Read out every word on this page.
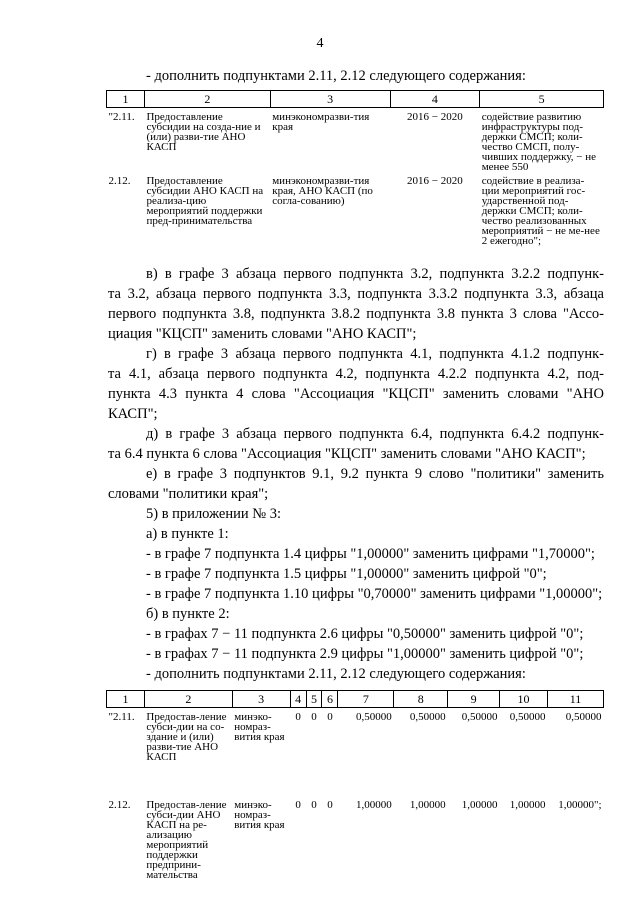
4
- дополнить подпунктами 2.11, 2.12 следующего содержания:
1	2	3	4	5
"2.11.	Предоставление субсидии на созда-ние и (или) разви-тие АНО КАСП	минэкономразви-тия края	2016 − 2020	содействие развитию инфраструктуры под-держки СМСП; коли-чество СМСП, полу-чивших поддержку, − не менее 550
2.12.	Предоставление субсидии АНО КАСП на реализа-цию мероприятий поддержки пред-принимательства	минэкономразви-тия края, АНО КАСП (по согла-сованию)	2016 − 2020	содействие в реализа-ции мероприятий гос-ударственной под-держки СМСП; коли-чество реализованных мероприятий − не ме-нее 2 ежегодно";
в) в графе 3 абзаца первого подпункта 3.2, подпункта 3.2.2 подпунк-
та 3.2, абзаца первого подпункта 3.3, подпункта 3.3.2 подпункта 3.3, абзаца
первого подпункта 3.8, подпункта 3.8.2 подпункта 3.8 пункта 3 слова "Ассо-
циация "КЦСП" заменить словами "АНО КАСП";
г) в графе 3 абзаца первого подпункта 4.1, подпункта 4.1.2 подпунк-
та 4.1, абзаца первого подпункта 4.2, подпункта 4.2.2 подпункта 4.2, под-
пункта 4.3 пункта 4 слова "Ассоциация "КЦСП" заменить словами "АНО
КАСП";
д) в графе 3 абзаца первого подпункта 6.4, подпункта 6.4.2 подпунк-
та 6.4 пункта 6 слова "Ассоциация "КЦСП" заменить словами "АНО КАСП";
е) в графе 3 подпунктов 9.1, 9.2 пункта 9 слово "политики" заменить
словами "политики края";
5) в приложении № 3:
а) в пункте 1:
- в графе 7 подпункта 1.4 цифры "1,00000" заменить цифрами "1,70000";
- в графе 7 подпункта 1.5 цифры "1,00000" заменить цифрой "0";
- в графе 7 подпункта 1.10 цифры "0,70000" заменить цифрами "1,00000";
б) в пункте 2:
- в графах 7 − 11 подпункта 2.6 цифры "0,50000" заменить цифрой "0";
- в графах 7 − 11 подпункта 2.9 цифры "1,00000" заменить цифрой "0";
- дополнить подпунктами 2.11, 2.12 следующего содержания:
1	2	3	4	5	6	7	8	9	10	11
"2.11.	Предостав-ление субси-дии на со-здание и (или) разви-тие АНО КАСП	минэко-номраз-вития края	0	0	0	0,50000	0,50000	0,50000	0,50000	0,50000
2.12.	Предостав-ление субси-дии АНО КАСП на ре-ализацию мероприятий поддержки предприни-мательства	минэко-номраз-вития края	0	0	0	1,00000	1,00000	1,00000	1,00000	1,00000";
